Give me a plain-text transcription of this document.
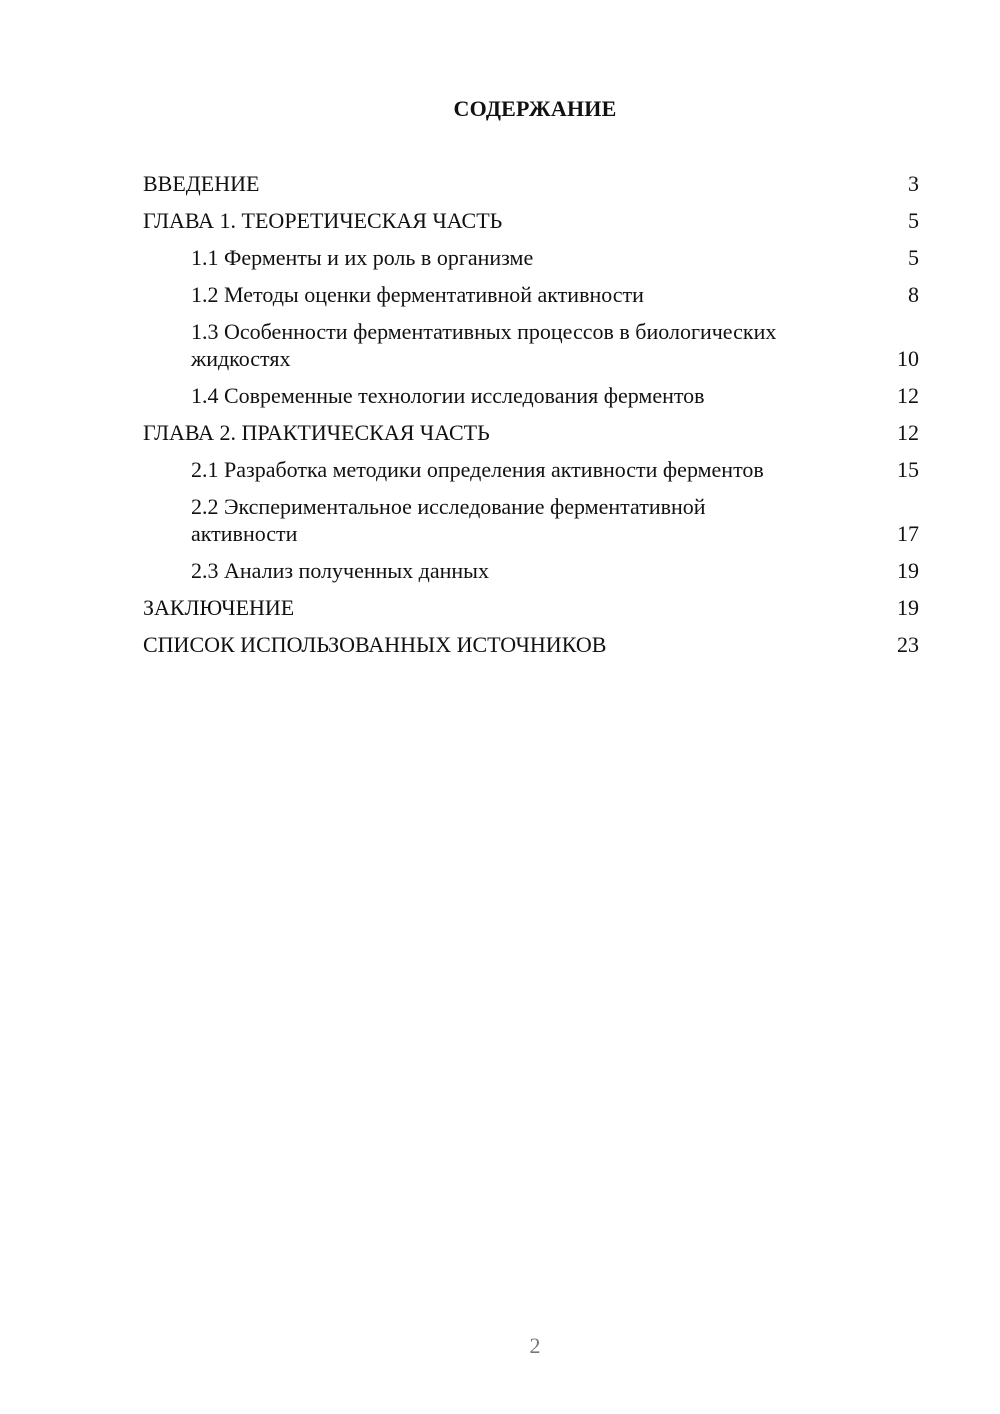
СОДЕРЖАНИЕ
ВВЕДЕНИЕ	3
ГЛАВА 1. ТЕОРЕТИЧЕСКАЯ ЧАСТЬ	5
1.1 Ферменты и их роль в организме	5
1.2 Методы оценки ферментативной активности	8
1.3 Особенности ферментативных процессов в биологических жидкостях	10
1.4 Современные технологии исследования ферментов	12
ГЛАВА 2. ПРАКТИЧЕСКАЯ ЧАСТЬ	12
2.1 Разработка методики определения активности ферментов	15
2.2 Экспериментальное исследование ферментативной активности	17
2.3 Анализ полученных данных	19
ЗАКЛЮЧЕНИЕ	19
СПИСОК ИСПОЛЬЗОВАННЫХ ИСТОЧНИКОВ	23
2
